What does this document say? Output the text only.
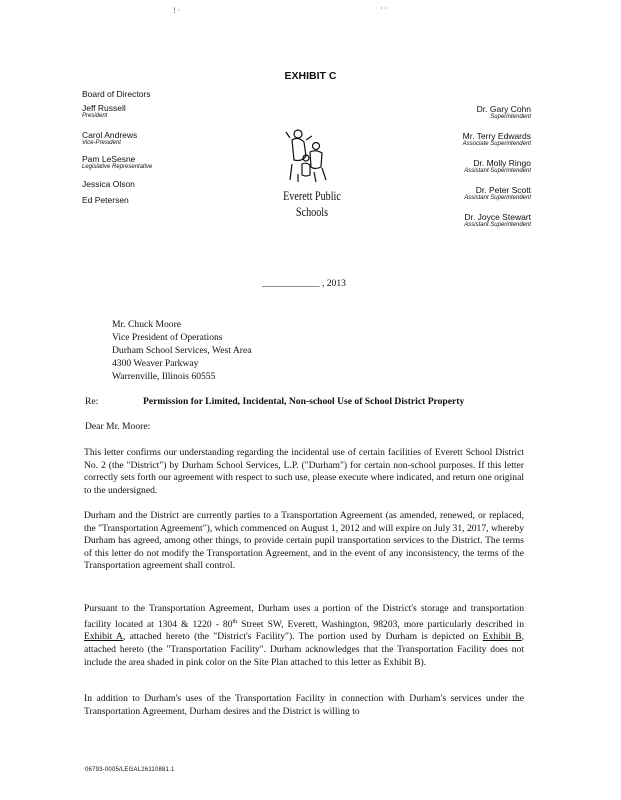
! ·	· ·
EXHIBIT C
Board of Directors
Jeff Russell
President
Carol Andrews
Vice-President
Pam LeSesne
Legislative Representative
Jessica Olson
Ed Petersen	Everett Public Schools
Dr. Gary Cohn
Superintendent
Mr. Terry Edwards
Associate Superintendent
Dr. Molly Ringo
Assistant Superintendent
Dr. Peter Scott
Assistant Superintendent
Dr. Joyce Stewart
Assistant Superintendent
____________ , 2013
Mr. Chuck Moore
Vice President of Operations
Durham School Services, West Area
4300 Weaver Parkway
Warrenville, Illinois 60555
Re:	Permission for Limited, Incidental, Non-school Use of School District Property
Dear Mr. Moore:
This letter confirms our understanding regarding the incidental use of certain facilities of Everett School District No. 2 (the "District") by Durham School Services, L.P. ("Durham") for certain non-school purposes. If this letter correctly sets forth our agreement with respect to such use, please execute where indicated, and return one original to the undersigned.
Durham and the District are currently parties to a Transportation Agreement (as amended, renewed, or replaced, the "Transportation Agreement"), which commenced on August 1, 2012 and will expire on July 31, 2017, whereby Durham has agreed, among other things, to provide certain pupil transportation services to the District. The terms of this letter do not modify the Transportation Agreement, and in the event of any inconsistency, the terms of the Transportation agreement shall control.
Pursuant to the Transportation Agreement, Durham uses a portion of the District's storage and transportation facility located at 1304 & 1220 - 80th Street SW, Everett, Washington, 98203, more particularly described in Exhibit A, attached hereto (the "District's Facility"). The portion used by Durham is depicted on Exhibit B, attached hereto (the "Transportation Facility". Durham acknowledges that the Transportation Facility does not include the area shaded in pink color on the Site Plan attached to this letter as Exhibit B).
In addition to Durham's uses of the Transportation Facility in connection with Durham's services under the Transportation Agreement, Durham desires and the District is willing to
06793-0005/LEGAL26110881.1
